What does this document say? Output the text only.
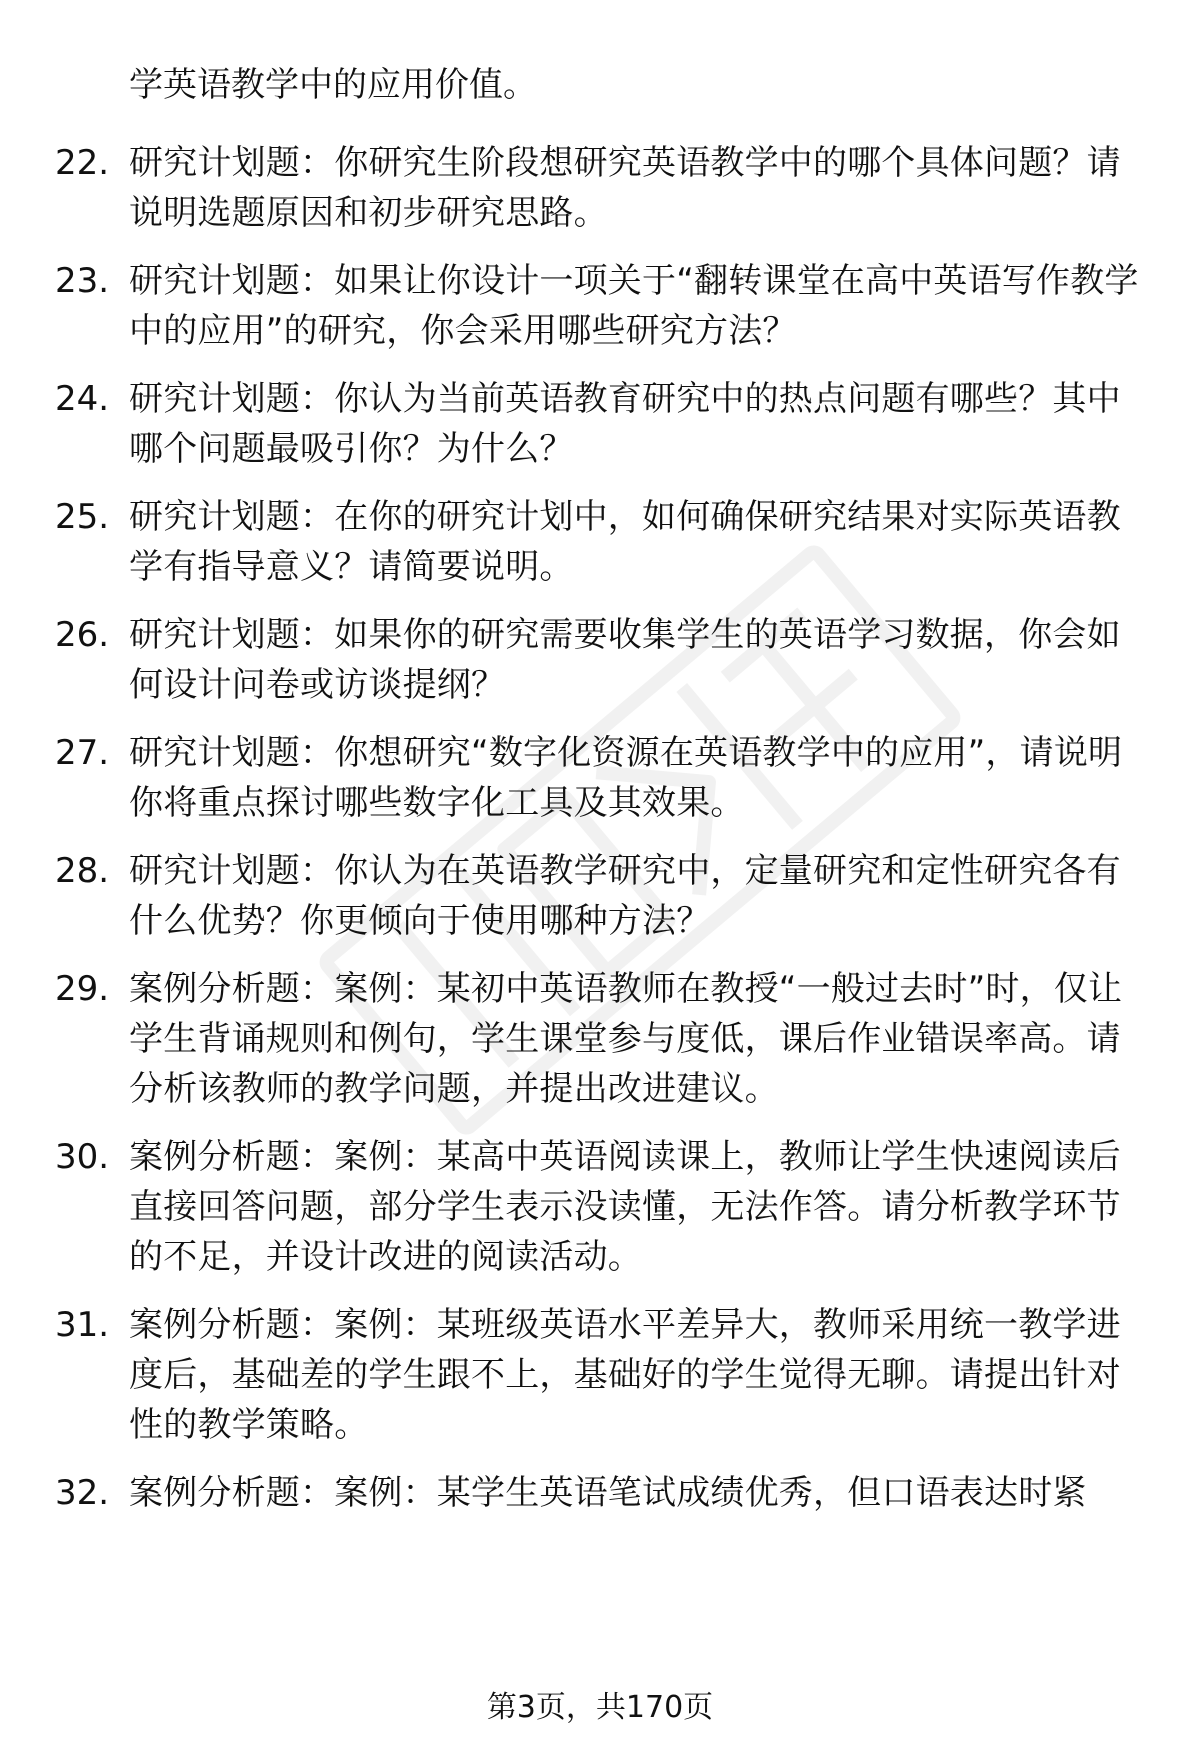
学英语教学中的应用价值。
22. 研究计划题：你研究生阶段想研究英语教学中的哪个具体问题？请说明选题原因和初步研究思路。
23. 研究计划题：如果让你设计一项关于“翻转课堂在高中英语写作教学中的应用”的研究，你会采用哪些研究方法？
24. 研究计划题：你认为当前英语教育研究中的热点问题有哪些？其中哪个问题最吸引你？为什么？
25. 研究计划题：在你的研究计划中，如何确保研究结果对实际英语教学有指导意义？请简要说明。
26. 研究计划题：如果你的研究需要收集学生的英语学习数据，你会如何设计问卷或访谈提纲？
27. 研究计划题：你想研究“数字化资源在英语教学中的应用”，请说明你将重点探讨哪些数字化工具及其效果。
28. 研究计划题：你认为在英语教学研究中，定量研究和定性研究各有什么优势？你更倾向于使用哪种方法？
29. 案例分析题：案例：某初中英语教师在教授“一般过去时”时，仅让学生背诵规则和例句，学生课堂参与度低，课后作业错误率高。请分析该教师的教学问题，并提出改进建议。
30. 案例分析题：案例：某高中英语阅读课上，教师让学生快速阅读后直接回答问题，部分学生表示没读懂，无法作答。请分析教学环节的不足，并设计改进的阅读活动。
31. 案例分析题：案例：某班级英语水平差异大，教师采用统一教学进度后，基础差的学生跟不上，基础好的学生觉得无聊。请提出针对性的教学策略。
32. 案例分析题：案例：某学生英语笔试成绩优秀，但口语表达时紧
第3页，共170页
